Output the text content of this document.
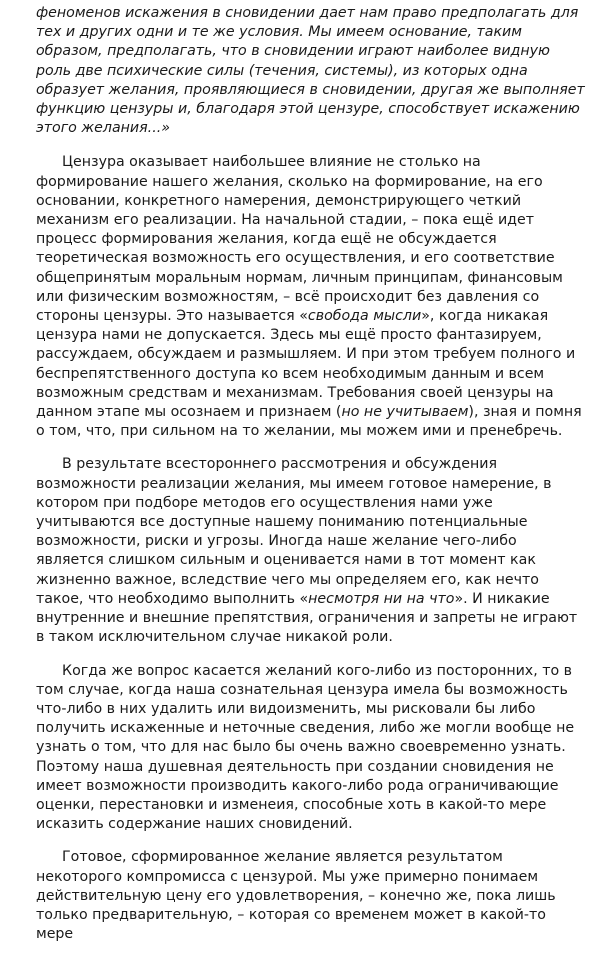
феноменов искажения в сновидении дает нам право предполагать для тех и других одни и те же условия. Мы имеем основание, таким образом, предполагать, что в сновидении играют наиболее видную роль две психические силы (течения, системы), из которых одна образует желания, проявляющиеся в сновидении, другая же выполняет функцию цензуры и, благодаря этой цензуре, способствует искажению этого желания...»

Цензура оказывает наибольшее влияние не столько на формирование нашего желания, сколько на формирование, на его основании, конкретного намерения, демонстрирующего четкий механизм его реализации. На начальной стадии, – пока ещё идет процесс формирования желания, когда ещё не обсуждается теоретическая возможность его осуществления, и его соответствие общепринятым моральным нормам, личным принципам, финансовым или физическим возможностям, – всё происходит без давления со стороны цензуры. Это называется «свобода мысли», когда никакая цензура нами не допускается. Здесь мы ещё просто фантазируем, рассуждаем, обсуждаем и размышляем. И при этом требуем полного и беспрепятственного доступа ко всем необходимым данным и всем возможным средствам и механизмам. Требования своей цензуры на данном этапе мы осознаем и признаем (но не учитываем), зная и помня о том, что, при сильном на то желании, мы можем ими и пренебречь.

В результате всестороннего рассмотрения и обсуждения возможности реализации желания, мы имеем готовое намерение, в котором при подборе методов его осуществления нами уже учитываются все доступные нашему пониманию потенциальные возможности, риски и угрозы. Иногда наше желание чего-либо является слишком сильным и оценивается нами в тот момент как жизненно важное, вследствие чего мы определяем его, как нечто такое, что необходимо выполнить «несмотря ни на что». И никакие внутренние и внешние препятствия, ограничения и запреты не играют в таком исключительном случае никакой роли.

Когда же вопрос касается желаний кого-либо из посторонних, то в том случае, когда наша сознательная цензура имела бы возможность что-либо в них удалить или видоизменить, мы рисковали бы либо получить искаженные и неточные сведения, либо же могли вообще не узнать о том, что для нас было бы очень важно своевременно узнать. Поэтому наша душевная деятельность при создании сновидения не имеет возможности производить какого-либо рода ограничивающие оценки, перестановки и изменеия, способные хоть в какой-то мере исказить содержание наших сновидений.

Готовое, сформированное желание является результатом некоторого компромисса с цензурой. Мы уже примерно понимаем действительную цену его удовлетворения, – конечно же, пока лишь только предварительную, – которая со временем может в какой-то мере
